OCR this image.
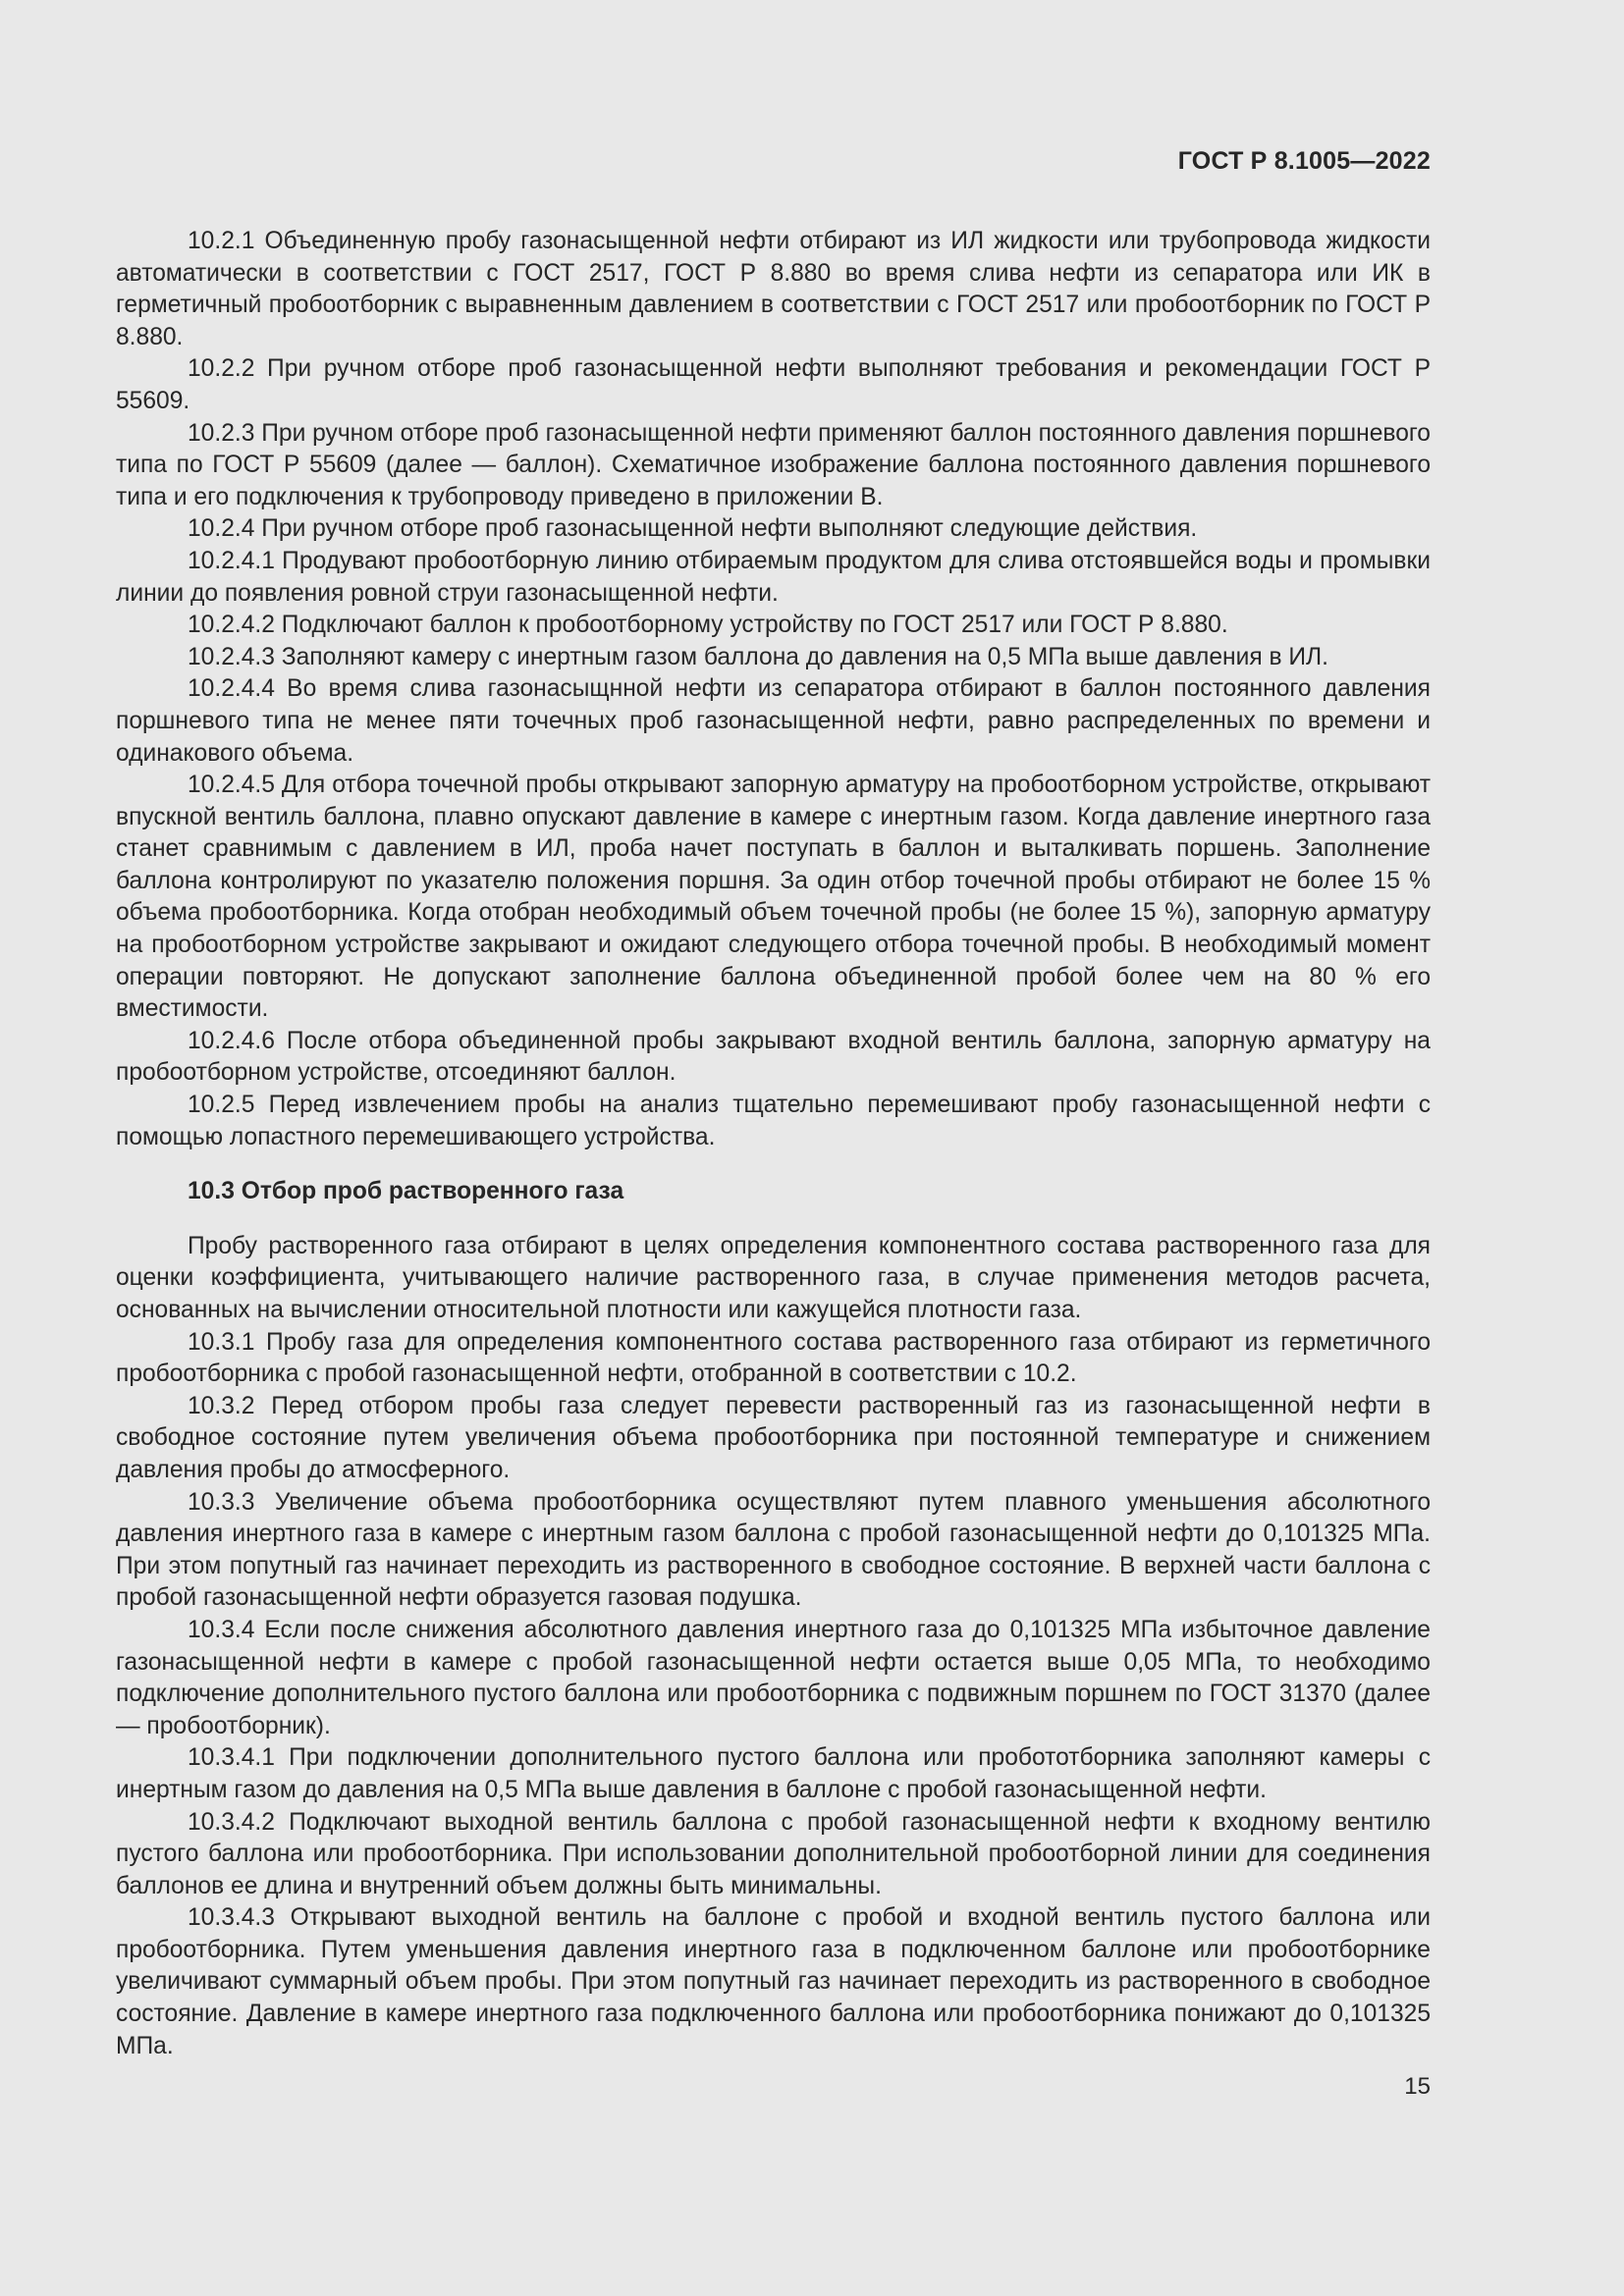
ГОСТ Р 8.1005—2022

10.2.1 Объединенную пробу газонасыщенной нефти отбирают из ИЛ жидкости или трубопровода жидкости автоматически в соответствии с ГОСТ 2517, ГОСТ Р 8.880 во время слива нефти из сепаратора или ИК в герметичный пробоотборник с выравненным давлением в соответствии с ГОСТ 2517 или пробоотборник по ГОСТ Р 8.880.

10.2.2 При ручном отборе проб газонасыщенной нефти выполняют требования и рекомендации ГОСТ Р 55609.

10.2.3 При ручном отборе проб газонасыщенной нефти применяют баллон постоянного давления поршневого типа по ГОСТ Р 55609 (далее — баллон). Схематичное изображение баллона постоянного давления поршневого типа и его подключения к трубопроводу приведено в приложении В.

10.2.4 При ручном отборе проб газонасыщенной нефти выполняют следующие действия.

10.2.4.1 Продувают пробоотборную линию отбираемым продуктом для слива отстоявшейся воды и промывки линии до появления ровной струи газонасыщенной нефти.

10.2.4.2 Подключают баллон к пробоотборному устройству по ГОСТ 2517 или ГОСТ Р 8.880.

10.2.4.3 Заполняют камеру с инертным газом баллона до давления на 0,5 МПа выше давления в ИЛ.

10.2.4.4 Во время слива газонасыщнной нефти из сепаратора отбирают в баллон постоянного давления поршневого типа не менее пяти точечных проб газонасыщенной нефти, равно распределенных по времени и одинакового объема.

10.2.4.5 Для отбора точечной пробы открывают запорную арматуру на пробоотборном устройстве, открывают впускной вентиль баллона, плавно опускают давление в камере с инертным газом. Когда давление инертного газа станет сравнимым с давлением в ИЛ, проба начет поступать в баллон и выталкивать поршень. Заполнение баллона контролируют по указателю положения поршня. За один отбор точечной пробы отбирают не более 15 % объема пробоотборника. Когда отобран необходимый объем точечной пробы (не более 15 %), запорную арматуру на пробоотборном устройстве закрывают и ожидают следующего отбора точечной пробы. В необходимый момент операции повторяют. Не допускают заполнение баллона объединенной пробой более чем на 80 % его вместимости.

10.2.4.6 После отбора объединенной пробы закрывают входной вентиль баллона, запорную арматуру на пробоотборном устройстве, отсоединяют баллон.

10.2.5 Перед извлечением пробы на анализ тщательно перемешивают пробу газонасыщенной нефти с помощью лопастного перемешивающего устройства.

10.3 Отбор проб растворенного газа

Пробу растворенного газа отбирают в целях определения компонентного состава растворенного газа для оценки коэффициента, учитывающего наличие растворенного газа, в случае применения методов расчета, основанных на вычислении относительной плотности или кажущейся плотности газа.

10.3.1 Пробу газа для определения компонентного состава растворенного газа отбирают из герметичного пробоотборника с пробой газонасыщенной нефти, отобранной в соответствии с 10.2.

10.3.2 Перед отбором пробы газа следует перевести растворенный газ из газонасыщенной нефти в свободное состояние путем увеличения объема пробоотборника при постоянной температуре и снижением давления пробы до атмосферного.

10.3.3 Увеличение объема пробоотборника осуществляют путем плавного уменьшения абсолютного давления инертного газа в камере с инертным газом баллона с пробой газонасыщенной нефти до 0,101325 МПа. При этом попутный газ начинает переходить из растворенного в свободное состояние. В верхней части баллона с пробой газонасыщенной нефти образуется газовая подушка.

10.3.4 Если после снижения абсолютного давления инертного газа до 0,101325 МПа избыточное давление газонасыщенной нефти в камере с пробой газонасыщенной нефти остается выше 0,05 МПа, то необходимо подключение дополнительного пустого баллона или пробоотборника с подвижным поршнем по ГОСТ 31370 (далее — пробоотборник).

10.3.4.1 При подключении дополнительного пустого баллона или пробототборника заполняют камеры с инертным газом до давления на 0,5 МПа выше давления в баллоне с пробой газонасыщенной нефти.

10.3.4.2 Подключают выходной вентиль баллона с пробой газонасыщенной нефти к входному вентилю пустого баллона или пробоотборника. При использовании дополнительной пробоотборной линии для соединения баллонов ее длина и внутренний объем должны быть минимальны.

10.3.4.3 Открывают выходной вентиль на баллоне с пробой и входной вентиль пустого баллона или пробоотборника. Путем уменьшения давления инертного газа в подключенном баллоне или пробоотборнике увеличивают суммарный объем пробы. При этом попутный газ начинает переходить из растворенного в свободное состояние. Давление в камере инертного газа подключенного баллона или пробоотборника понижают до 0,101325 МПа.

15
